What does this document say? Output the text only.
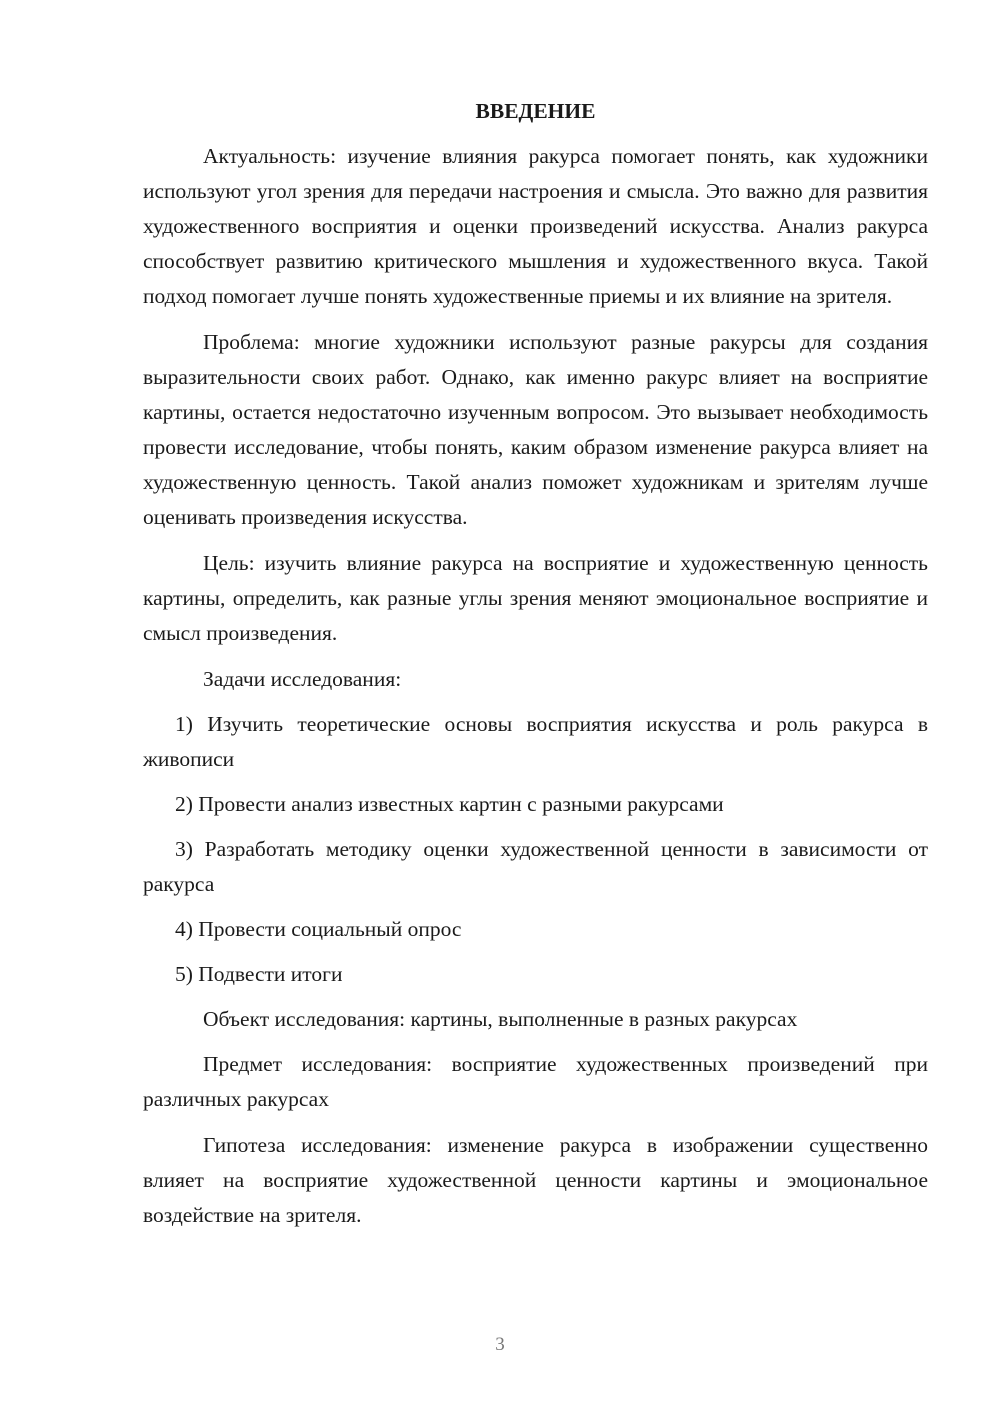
ВВЕДЕНИЕ

Актуальность: изучение влияния ракурса помогает понять, как художники используют угол зрения для передачи настроения и смысла. Это важно для развития художественного восприятия и оценки произведений искусства. Анализ ракурса способствует развитию критического мышления и художественного вкуса. Такой подход помогает лучше понять художественные приемы и их влияние на зрителя.

Проблема: многие художники используют разные ракурсы для создания выразительности своих работ. Однако, как именно ракурс влияет на восприятие картины, остается недостаточно изученным вопросом. Это вызывает необходимость провести исследование, чтобы понять, каким образом изменение ракурса влияет на художественную ценность. Такой анализ поможет художникам и зрителям лучше оценивать произведения искусства.

Цель: изучить влияние ракурса на восприятие и художественную ценность картины, определить, как разные углы зрения меняют эмоциональное восприятие и смысл произведения.

Задачи исследования:

1) Изучить теоретические основы восприятия искусства и роль ракурса в живописи

2) Провести анализ известных картин с разными ракурсами

3) Разработать методику оценки художественной ценности в зависимости от ракурса

4) Провести социальный опрос

5) Подвести итоги

Объект исследования: картины, выполненные в разных ракурсах

Предмет исследования: восприятие художественных произведений при различных ракурсах

Гипотеза исследования: изменение ракурса в изображении существенно влияет на восприятие художественной ценности картины и эмоциональное воздействие на зрителя.

3
